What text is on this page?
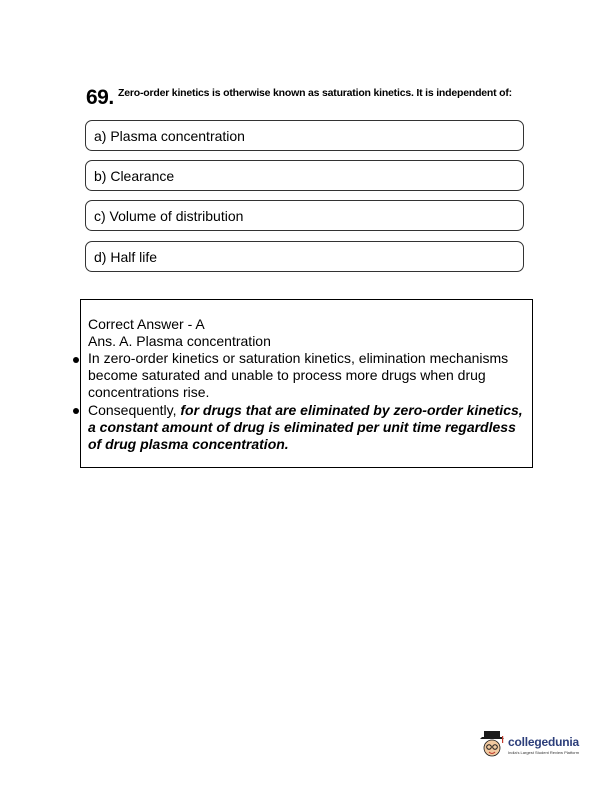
69. Zero-order kinetics is otherwise known as saturation kinetics. It is independent of:
a) Plasma concentration
b) Clearance
c) Volume of distribution
d) Half life
Correct Answer - A
Ans. A. Plasma concentration
In zero-order kinetics or saturation kinetics, elimination mechanisms become saturated and unable to process more drugs when drug concentrations rise.
Consequently, for drugs that are eliminated by zero-order kinetics, a constant amount of drug is eliminated per unit time regardless of drug plasma concentration.
collegedunia
India's Largest Student Review Platform
